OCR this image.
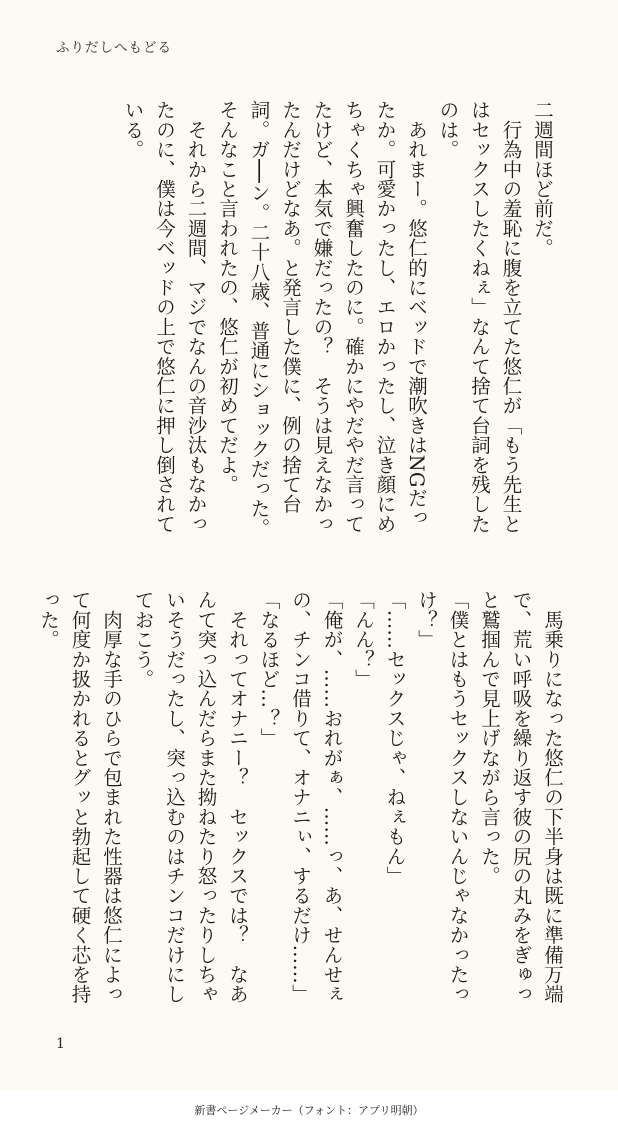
ふりだしへもどる

二週間ほど前だ。

　行為中の羞恥に腹を立てた悠仁が「もう先生とはセックスしたくねぇ」なんて捨て台詞を残したのは。

　あれまー。悠仁的にベッドで潮吹きはNGだったか。可愛かったし、エロかったし、泣き顔にめちゃくちゃ興奮したのに。確かにやだやだ言ってたけど、本気で嫌だったの？　そうは見えなかったんだけどなあ。と発言した僕に、例の捨て台詞。ガ──ン。二十八歳、普通にショックだった。そんなこと言われたの、悠仁が初めてだよ。

　それから二週間、マジでなんの音沙汰もなかったのに、僕は今ベッドの上で悠仁に押し倒されている。

　馬乗りになった悠仁の下半身は既に準備万端で、荒い呼吸を繰り返す彼の尻の丸みをぎゅっと鷲掴んで見上げながら言った。

「僕とはもうセックスしないんじゃなかったっけ？」

「……セックスじゃ、ねぇもん」

「んん？」

「俺が、……おれがぁ、……っ、あ、せんせぇの、チンコ借りて、オナニぃ、するだけ……」

「なるほど…？」

　それってオナニー？　セックスでは？　なあんて突っ込んだらまた拗ねたり怒ったりしちゃいそうだったし、突っ込むのはチンコだけにしておこう。

　肉厚な手のひらで包まれた性器は悠仁によって何度か扱かれるとグッと勃起して硬く芯を持った。

1
新書ページメーカー（フォント：アプリ明朝）
